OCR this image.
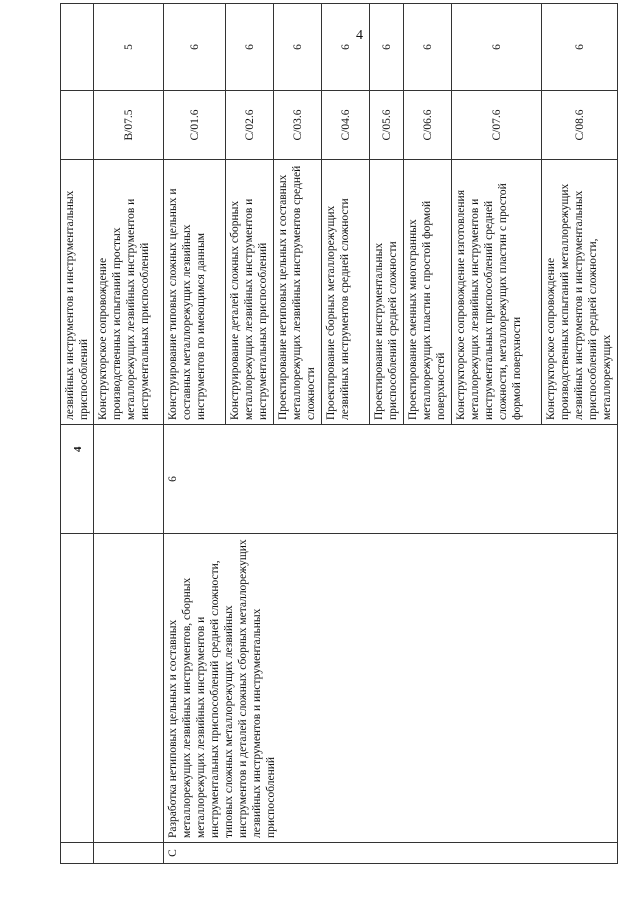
4
4
			лезвийных инструментов и инструментальных приспособлений		
			Конструкторское сопровождение производственных испытаний простых металлорежущих лезвийных инструментов и инструментальных приспособлений	B/07.5	5
C	Разработка нетиповых цельных и составных металлорежущих лезвийных инструментов, сборных металлорежущих лезвийных инструментов и инструментальных приспособлений средней сложности, типовых сложных металлорежущих лезвийных инструментов и деталей сложных сборных металлорежущих лезвийных инструментов и инструментальных приспособлений	6	Конструирование типовых сложных цельных и составных металлорежущих лезвийных инструментов по имеющимся данным	C/01.6	6
			Конструирование деталей сложных сборных металлорежущих лезвийных инструментов и инструментальных приспособлений	C/02.6	6
			Проектирование нетиповых цельных и составных металлорежущих лезвийных инструментов средней сложности	C/03.6	6
			Проектирование сборных металлорежущих лезвийных инструментов средней сложности	C/04.6	6
			Проектирование инструментальных приспособлений средней сложности	C/05.6	6
			Проектирование сменных многогранных металлорежущих пластин с простой формой поверхностей	C/06.6	6
			Конструкторское сопровождение изготовления металлорежущих лезвийных инструментов и инструментальных приспособлений средней сложности, металлорежущих пластин с простой формой поверхности	C/07.6	6
			Конструкторское сопровождение производственных испытаний металлорежущих лезвийных инструментов и инструментальных приспособлений средней сложности, металлорежущих	C/08.6	6
